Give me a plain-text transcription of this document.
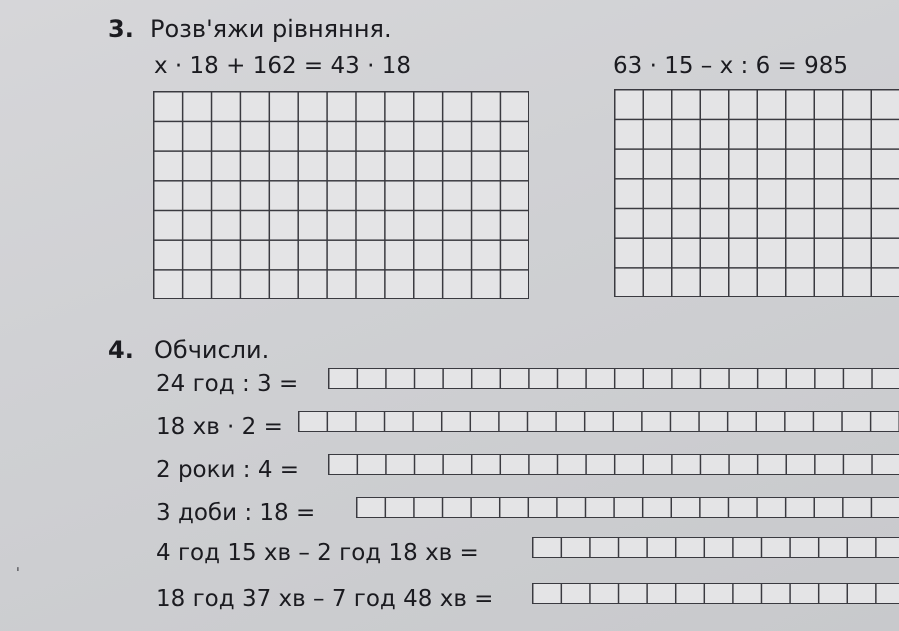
3. Розв'яжи рівняння.
x · 18 + 162 = 43 · 18	63 · 15 – x : 6 = 985
4. Обчисли.
24 год : 3 =
18 хв · 2 =
2 роки : 4 =
3 доби : 18 =
4 год 15 хв – 2 год 18 хв =
18 год 37 хв – 7 год 48 хв =
ˌ
